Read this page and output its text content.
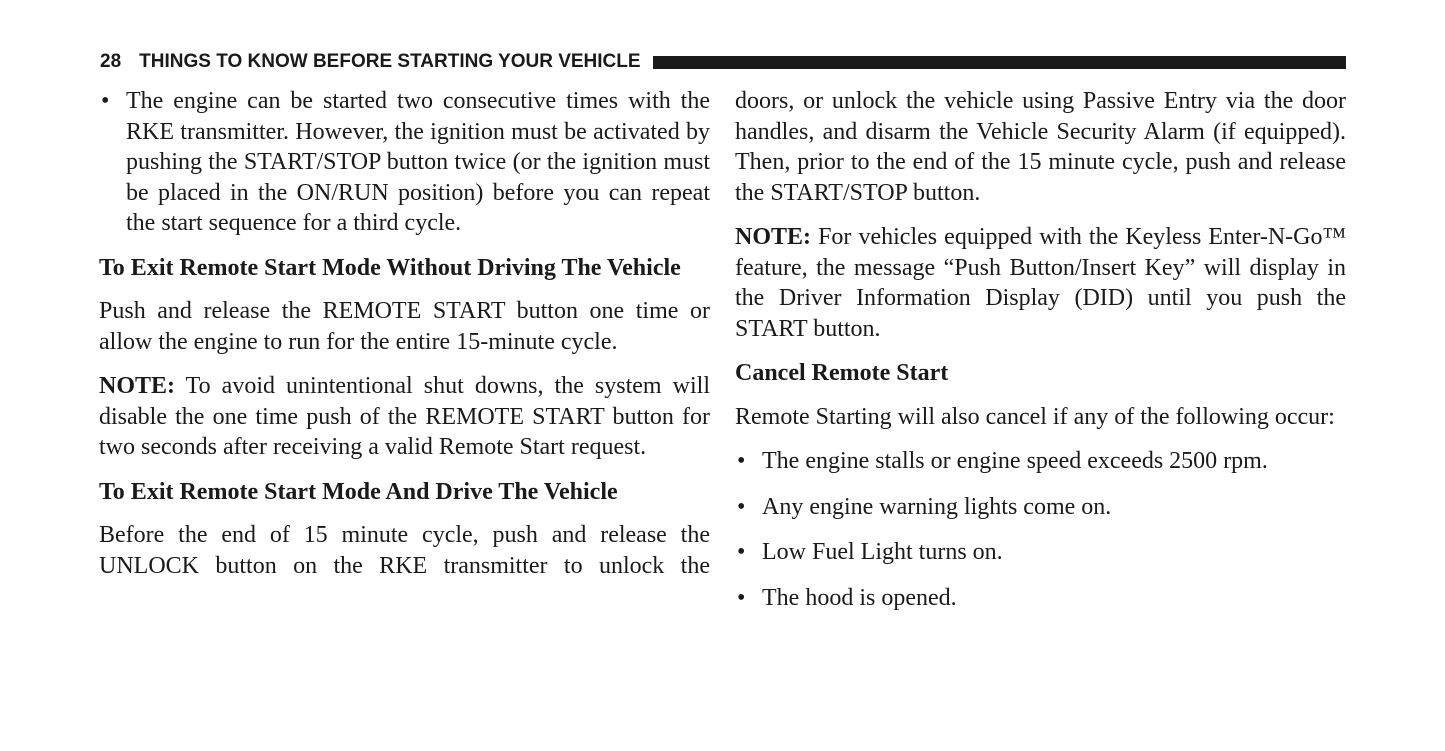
28 THINGS TO KNOW BEFORE STARTING YOUR VEHICLE
• The engine can be started two consecutive times with the RKE transmitter. However, the ignition must be activated by pushing the START/STOP button twice (or the ignition must be placed in the ON/RUN position) before you can repeat the start sequence for a third cycle.
To Exit Remote Start Mode Without Driving The Vehicle

Push and release the REMOTE START button one time or allow the engine to run for the entire 15-minute cycle.

NOTE: To avoid unintentional shut downs, the system will disable the one time push of the REMOTE START button for two seconds after receiving a valid Remote Start request.

To Exit Remote Start Mode And Drive The Vehicle

Before the end of 15 minute cycle, push and release the UNLOCK button on the RKE transmitter to unlock the

doors, or unlock the vehicle using Passive Entry via the door handles, and disarm the Vehicle Security Alarm (if equipped). Then, prior to the end of the 15 minute cycle, push and release the START/STOP button.

NOTE: For vehicles equipped with the Keyless Enter-N-Go™ feature, the message “Push Button/Insert Key” will display in the Driver Information Display (DID) until you push the START button.

Cancel Remote Start

Remote Starting will also cancel if any of the following occur:

• The engine stalls or engine speed exceeds 2500 rpm.
• Any engine warning lights come on.
• Low Fuel Light turns on.
• The hood is opened.
